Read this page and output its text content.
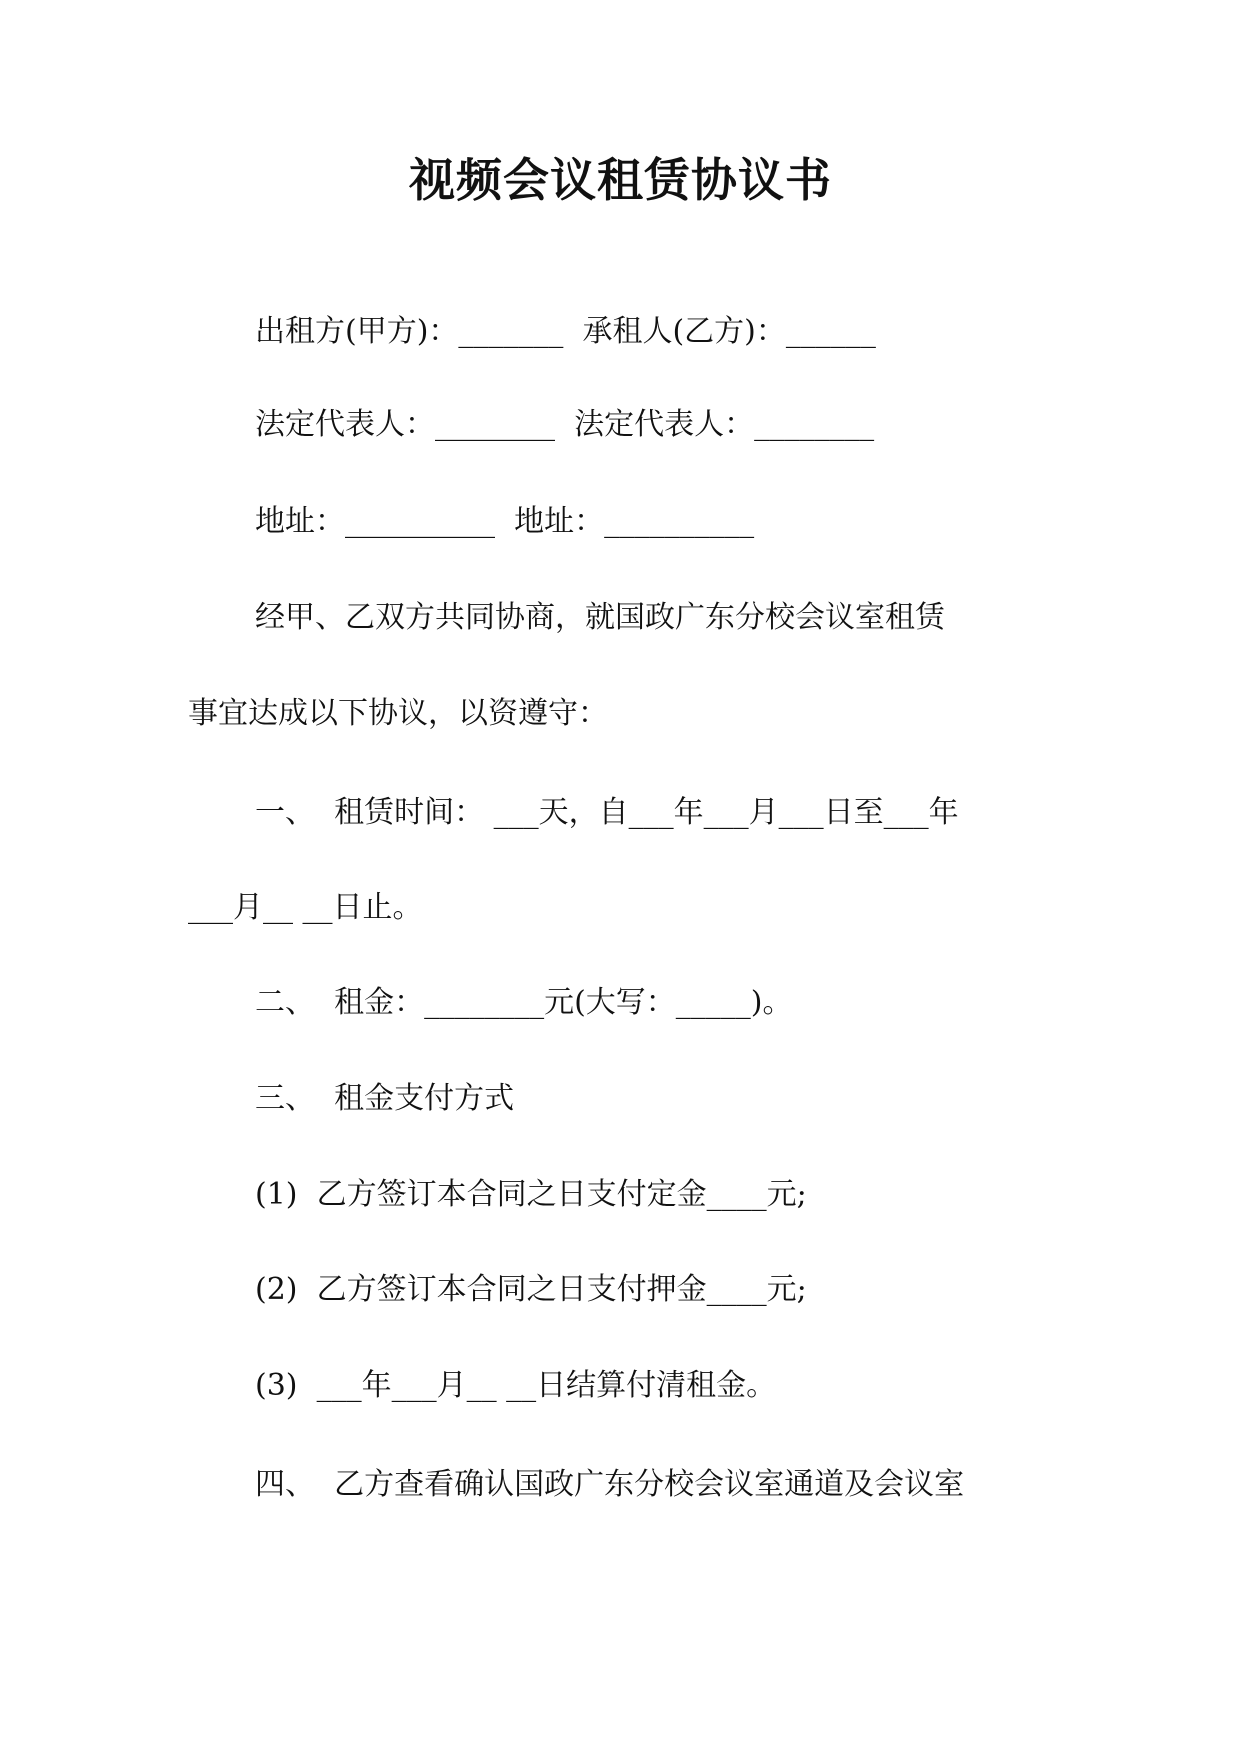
视频会议租赁协议书
出租方(甲方)：_______  承租人(乙方)：______
法定代表人：________  法定代表人：________
地址：__________  地址：__________
经甲、乙双方共同协商，就国政广东分校会议室租赁
事宜达成以下协议，以资遵守：
一、  租赁时间： ___天，自___年___月___日至___年
___月__ __日止。
二、  租金：________元(大写：_____)。
三、  租金支付方式
(1)  乙方签订本合同之日支付定金____元;
(2)  乙方签订本合同之日支付押金____元;
(3)  ___年___月__ __日结算付清租金。
四、  乙方查看确认国政广东分校会议室通道及会议室
